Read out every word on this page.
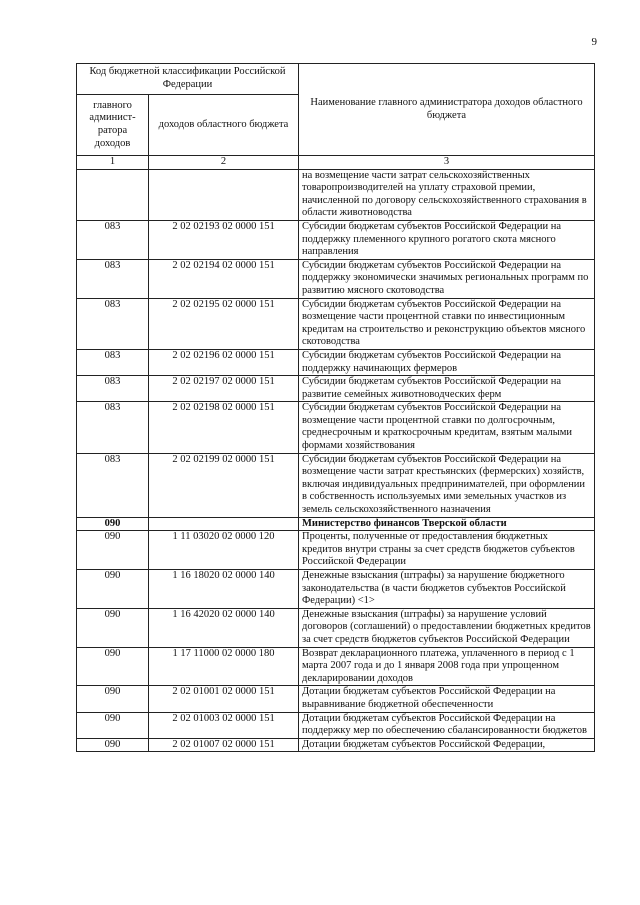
9
Код бюджетной классификации Российской Федерации		Наименование главного администратора доходов областного бюджета
главного админист-ратора доходов	доходов областного бюджета	
1	2	3
		на возмещение части затрат сельскохозяйственных товаропроизводителей на уплату страховой премии, начисленной по договору сельскохозяйственного страхования в области животноводства
083	2 02 02193 02 0000 151	Субсидии бюджетам субъектов Российской Федерации на поддержку племенного крупного рогатого скота мясного направления
083	2 02 02194 02 0000 151	Субсидии бюджетам субъектов Российской Федерации на поддержку экономически значимых региональных программ по развитию мясного скотоводства
083	2 02 02195 02 0000 151	Субсидии бюджетам субъектов Российской Федерации на возмещение части процентной ставки по инвестиционным кредитам на строительство и реконструкцию объектов мясного скотоводства
083	2 02 02196 02 0000 151	Субсидии бюджетам субъектов Российской Федерации на поддержку начинающих фермеров
083	2 02 02197 02 0000 151	Субсидии бюджетам субъектов Российской Федерации на развитие семейных животноводческих ферм
083	2 02 02198 02 0000 151	Субсидии бюджетам субъектов Российской Федерации на возмещение части процентной ставки по долгосрочным, среднесрочным и краткосрочным кредитам, взятым малыми формами хозяйствования
083	2 02 02199 02 0000 151	Субсидии бюджетам субъектов Российской Федерации на возмещение части затрат крестьянских (фермерских) хозяйств, включая индивидуальных предпринимателей, при оформлении в собственность используемых ими земельных участков из земель сельскохозяйственного назначения
090		Министерство финансов Тверской области
090	1 11 03020 02 0000 120	Проценты, полученные от предоставления бюджетных кредитов внутри страны за счет средств бюджетов субъектов Российской Федерации
090	1 16 18020 02 0000 140	Денежные взыскания (штрафы) за нарушение бюджетного законодательства (в части бюджетов субъектов Российской Федерации) <1>
090	1 16 42020 02 0000 140	Денежные взыскания (штрафы) за нарушение условий договоров (соглашений) о предоставлении бюджетных кредитов за счет средств бюджетов субъектов Российской Федерации
090	1 17 11000 02 0000 180	Возврат декларационного платежа, уплаченного в период с 1 марта 2007 года и до 1 января 2008 года при упрощенном декларировании доходов
090	2 02 01001 02 0000 151	Дотации бюджетам субъектов Российской Федерации на выравнивание бюджетной обеспеченности
090	2 02 01003 02 0000 151	Дотации бюджетам субъектов Российской Федерации на поддержку мер по обеспечению сбалансированности бюджетов
090	2 02 01007 02 0000 151	Дотации бюджетам субъектов Российской Федерации,
